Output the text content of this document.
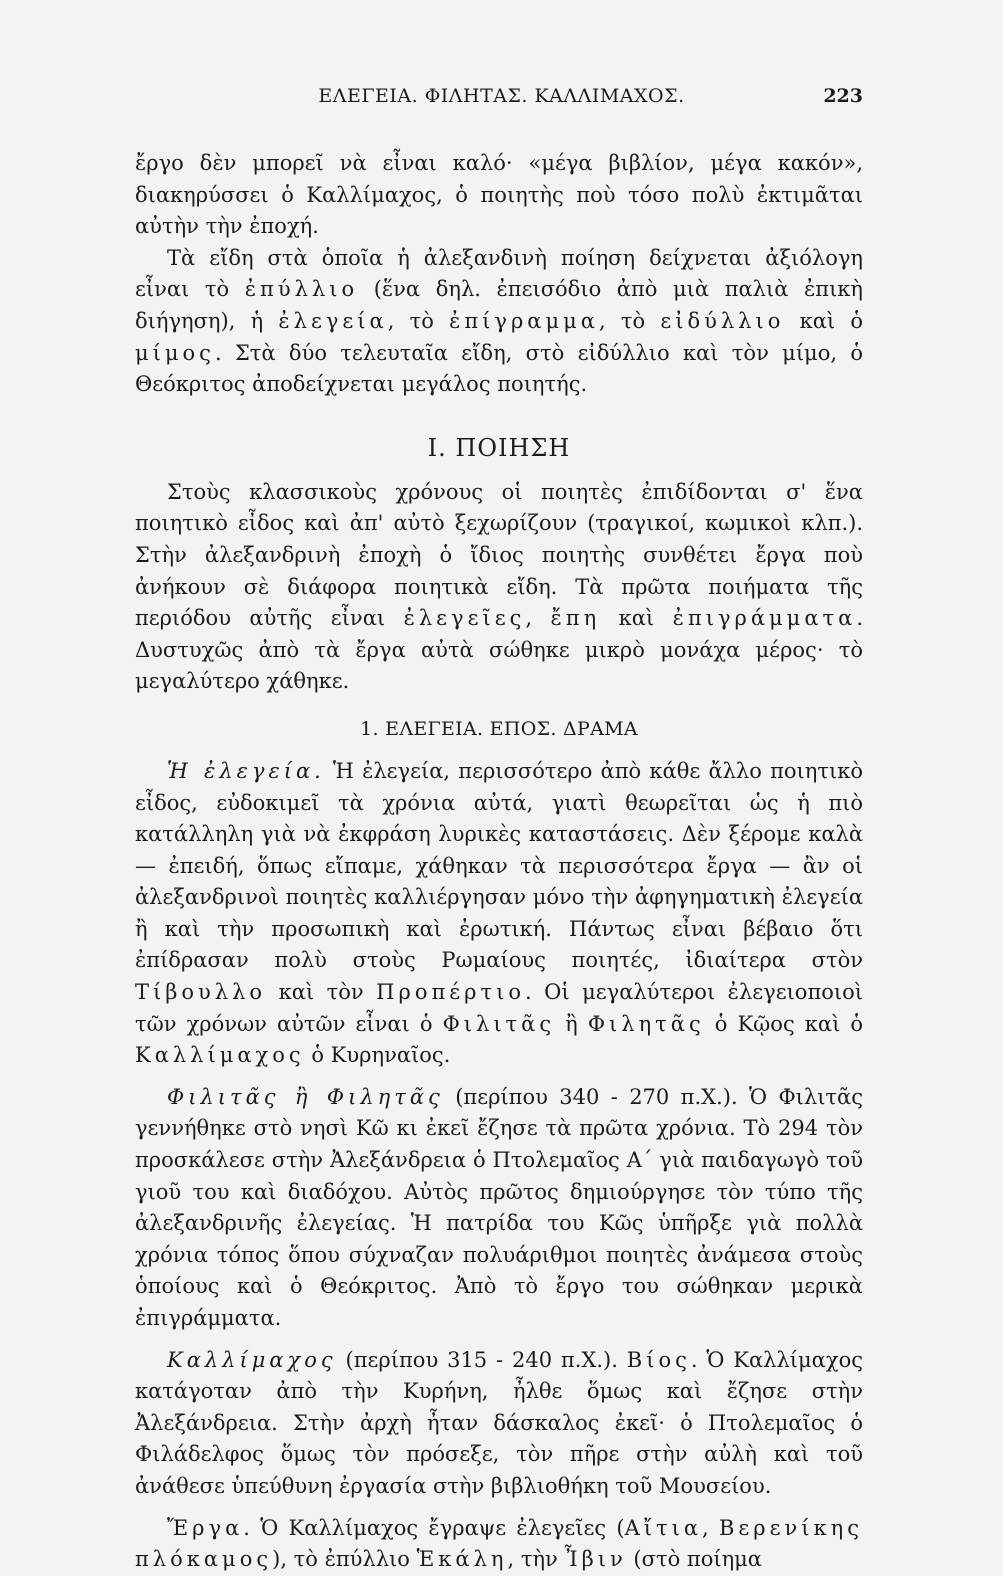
ΕΛΕΓΕΙΑ. ΦΙΛΗΤΑΣ. ΚΑΛΛΙΜΑΧΟΣ.	223

ἔργο δὲν μπορεῖ νὰ εἶναι καλό· «μέγα βιβλίον, μέγα κακόν», διακηρύσσει ὁ Καλλίμαχος, ὁ ποιητὴς ποὺ τόσο πολὺ ἐκτιμᾶται αὐτὴν τὴν ἐποχή.

Τὰ εἴδη στὰ ὁποῖα ἡ ἀλεξανδινὴ ποίηση δείχνεται ἀξιόλογη εἶναι τὸ ἐπύλλιο (ἕνα δηλ. ἐπεισόδιο ἀπὸ μιὰ παλιὰ ἐπικὴ διήγηση), ἡ ἐλεγεία, τὸ ἐπίγραμμα, τὸ εἰδύλλιο καὶ ὁ μίμος. Στὰ δύο τελευταῖα εἴδη, στὸ εἰδύλλιο καὶ τὸν μίμο, ὁ Θεόκριτος ἀποδείχνεται μεγάλος ποιητής.

Ι. ΠΟΙΗΣΗ

Στοὺς κλασσικοὺς χρόνους οἱ ποιητὲς ἐπιδίδονται σ' ἕνα ποιητικὸ εἶδος καὶ ἀπ' αὐτὸ ξεχωρίζουν (τραγικοί, κωμικοὶ κλπ.). Στὴν ἀλεξανδρινὴ ἐποχὴ ὁ ἴδιος ποιητὴς συνθέτει ἔργα ποὺ ἀνήκουν σὲ διάφορα ποιητικὰ εἴδη. Τὰ πρῶτα ποιήματα τῆς περιόδου αὐτῆς εἶναι ἐλεγεῖες, ἔπη καὶ ἐπιγράμματα. Δυστυχῶς ἀπὸ τὰ ἔργα αὐτὰ σώθηκε μικρὸ μονάχα μέρος· τὸ μεγαλύτερο χάθηκε.

1. ΕΛΕΓΕΙΑ. ΕΠΟΣ. ΔΡΑΜΑ

Ἡ ἐλεγεία. Ἡ ἐλεγεία, περισσότερο ἀπὸ κάθε ἄλλο ποιητικὸ εἶδος, εὐδοκιμεῖ τὰ χρόνια αὐτά, γιατὶ θεωρεῖται ὡς ἡ πιὸ κατάλληλη γιὰ νὰ ἐκφράση λυρικὲς καταστάσεις. Δὲν ξέρομε καλὰ — ἐπειδή, ὅπως εἴπαμε, χάθηκαν τὰ περισσότερα ἔργα — ἂν οἱ ἀλεξανδρινοὶ ποιητὲς καλλιέργησαν μόνο τὴν ἀφηγηματικὴ ἐλεγεία ἢ καὶ τὴν προσωπικὴ καὶ ἐρωτική. Πάντως εἶναι βέβαιο ὅτι ἐπίδρασαν πολὺ στοὺς Ρωμαίους ποιητές, ἰδιαίτερα στὸν Τίβουλλο καὶ τὸν Προπέρτιο. Οἱ μεγαλύτεροι ἐλεγειοποιοὶ τῶν χρόνων αὐτῶν εἶναι ὁ Φιλιτᾶς ἢ Φιλητᾶς ὁ Κῷος καὶ ὁ Καλλίμαχος ὁ Κυρηναῖος.

Φιλιτᾶς ἢ Φιλητᾶς (περίπου 340 - 270 π.Χ.). Ὁ Φιλιτᾶς γεννήθηκε στὸ νησὶ Κῶ κι ἐκεῖ ἔζησε τὰ πρῶτα χρόνια. Τὸ 294 τὸν προσκάλεσε στὴν Ἀλεξάνδρεια ὁ Πτολεμαῖος Α΄ γιὰ παιδαγωγὸ τοῦ γιοῦ του καὶ διαδόχου. Αὐτὸς πρῶτος δημιούργησε τὸν τύπο τῆς ἀλεξανδρινῆς ἐλεγείας. Ἡ πατρίδα του Κῶς ὑπῆρξε γιὰ πολλὰ χρόνια τόπος ὅπου σύχναζαν πολυάριθμοι ποιητὲς ἀνάμεσα στοὺς ὁποίους καὶ ὁ Θεόκριτος. Ἀπὸ τὸ ἔργο του σώθηκαν μερικὰ ἐπιγράμματα.

Καλλίμαχος (περίπου 315 - 240 π.Χ.). Βίος. Ὁ Καλλίμαχος κατάγοταν ἀπὸ τὴν Κυρήνη, ἦλθε ὅμως καὶ ἔζησε στὴν Ἀλεξάνδρεια. Στὴν ἀρχὴ ἦταν δάσκαλος ἐκεῖ· ὁ Πτολεμαῖος ὁ Φιλάδελφος ὅμως τὸν πρόσεξε, τὸν πῆρε στὴν αὐλὴ καὶ τοῦ ἀνάθεσε ὑπεύθυνη ἐργασία στὴν βιβλιοθήκη τοῦ Μουσείου.

Ἔργα. Ὁ Καλλίμαχος ἔγραψε ἐλεγεῖες (Αἴτια, Βερενίκης πλόκαμος), τὸ ἐπύλλιο Ἑκάλη, τὴν Ἶβιν (στὸ ποίημα
